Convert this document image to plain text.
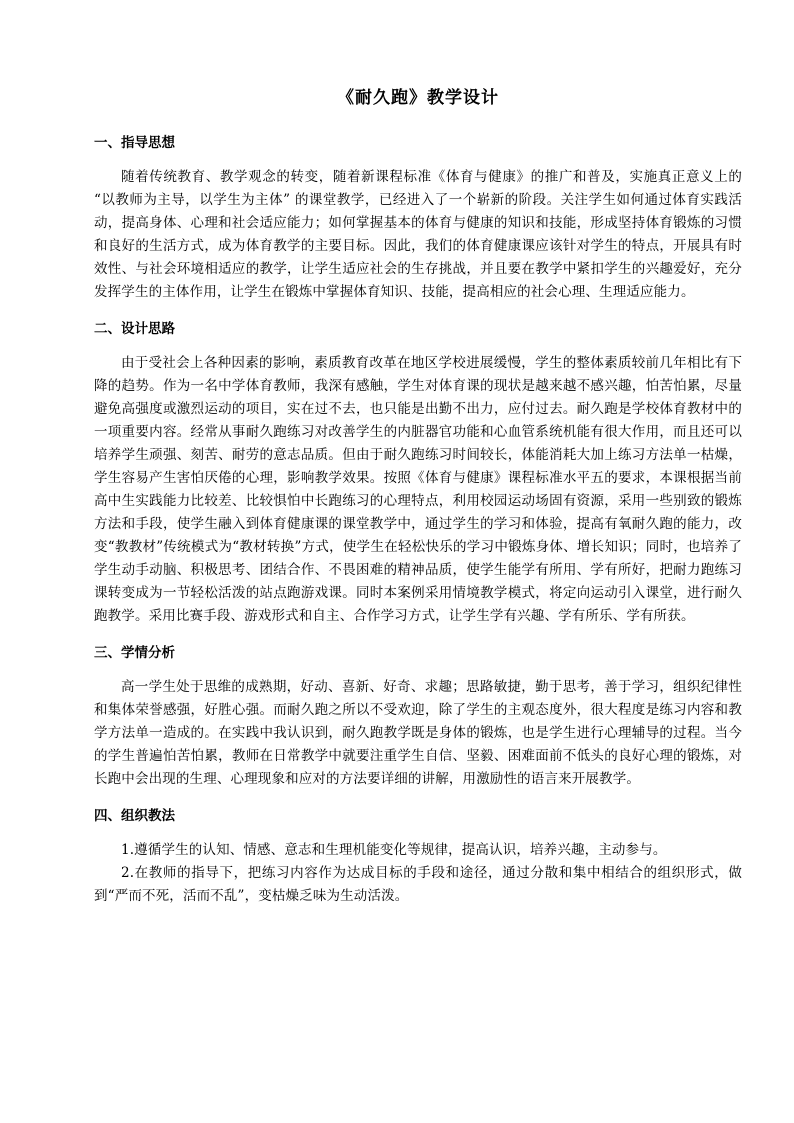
《耐久跑》教学设计
一、指导思想

随着传统教育、教学观念的转变，随着新课程标准《体育与健康》的推广和普及，实施真正意义上的 “以教师为主导，以学生为主体” 的课堂教学，已经进入了一个崭新的阶段。关注学生如何通过体育实践活动，提高身体、心理和社会适应能力；如何掌握基本的体育与健康的知识和技能，形成坚持体育锻炼的习惯和良好的生活方式，成为体育教学的主要目标。因此，我们的体育健康课应该针对学生的特点，开展具有时效性、与社会环境相适应的教学，让学生适应社会的生存挑战，并且要在教学中紧扣学生的兴趣爱好，充分发挥学生的主体作用，让学生在锻炼中掌握体育知识、技能，提高相应的社会心理、生理适应能力。

二、设计思路

由于受社会上各种因素的影响，素质教育改革在地区学校进展缓慢，学生的整体素质较前几年相比有下降的趋势。作为一名中学体育教师，我深有感触，学生对体育课的现状是越来越不感兴趣，怕苦怕累，尽量避免高强度或激烈运动的项目，实在过不去，也只能是出勤不出力，应付过去。耐久跑是学校体育教材中的一项重要内容。经常从事耐久跑练习对改善学生的内脏器官功能和心血管系统机能有很大作用，而且还可以培养学生顽强、刻苦、耐劳的意志品质。但由于耐久跑练习时间较长，体能消耗大加上练习方法单一枯燥，学生容易产生害怕厌倦的心理，影响教学效果。按照《体育与健康》课程标准水平五的要求，本课根据当前高中生实践能力比较差、比较惧怕中长跑练习的心理特点，利用校园运动场固有资源，采用一些别致的锻炼方法和手段，使学生融入到体育健康课的课堂教学中，通过学生的学习和体验，提高有氧耐久跑的能力，改变“教教材”传统模式为“教材转换”方式，使学生在轻松快乐的学习中锻炼身体、增长知识；同时，也培养了学生动手动脑、积极思考、团结合作、不畏困难的精神品质，使学生能学有所用、学有所好，把耐力跑练习课转变成为一节轻松活泼的站点跑游戏课。同时本案例采用情境教学模式，将定向运动引入课堂，进行耐久跑教学。采用比赛手段、游戏形式和自主、合作学习方式，让学生学有兴趣、学有所乐、学有所获。

三、学情分析

高一学生处于思维的成熟期，好动、喜新、好奇、求趣；思路敏捷，勤于思考，善于学习，组织纪律性和集体荣誉感强，好胜心强。而耐久跑之所以不受欢迎，除了学生的主观态度外，很大程度是练习内容和教学方法单一造成的。在实践中我认识到，耐久跑教学既是身体的锻炼，也是学生进行心理辅导的过程。当今的学生普遍怕苦怕累，教师在日常教学中就要注重学生自信、坚毅、困难面前不低头的良好心理的锻炼，对长跑中会出现的生理、心理现象和应对的方法要详细的讲解，用激励性的语言来开展教学。

四、组织教法

1.遵循学生的认知、情感、意志和生理机能变化等规律，提高认识，培养兴趣，主动参与。

2.在教师的指导下，把练习内容作为达成目标的手段和途径，通过分散和集中相结合的组织形式，做到“严而不死，活而不乱”，变枯燥乏味为生动活泼。
